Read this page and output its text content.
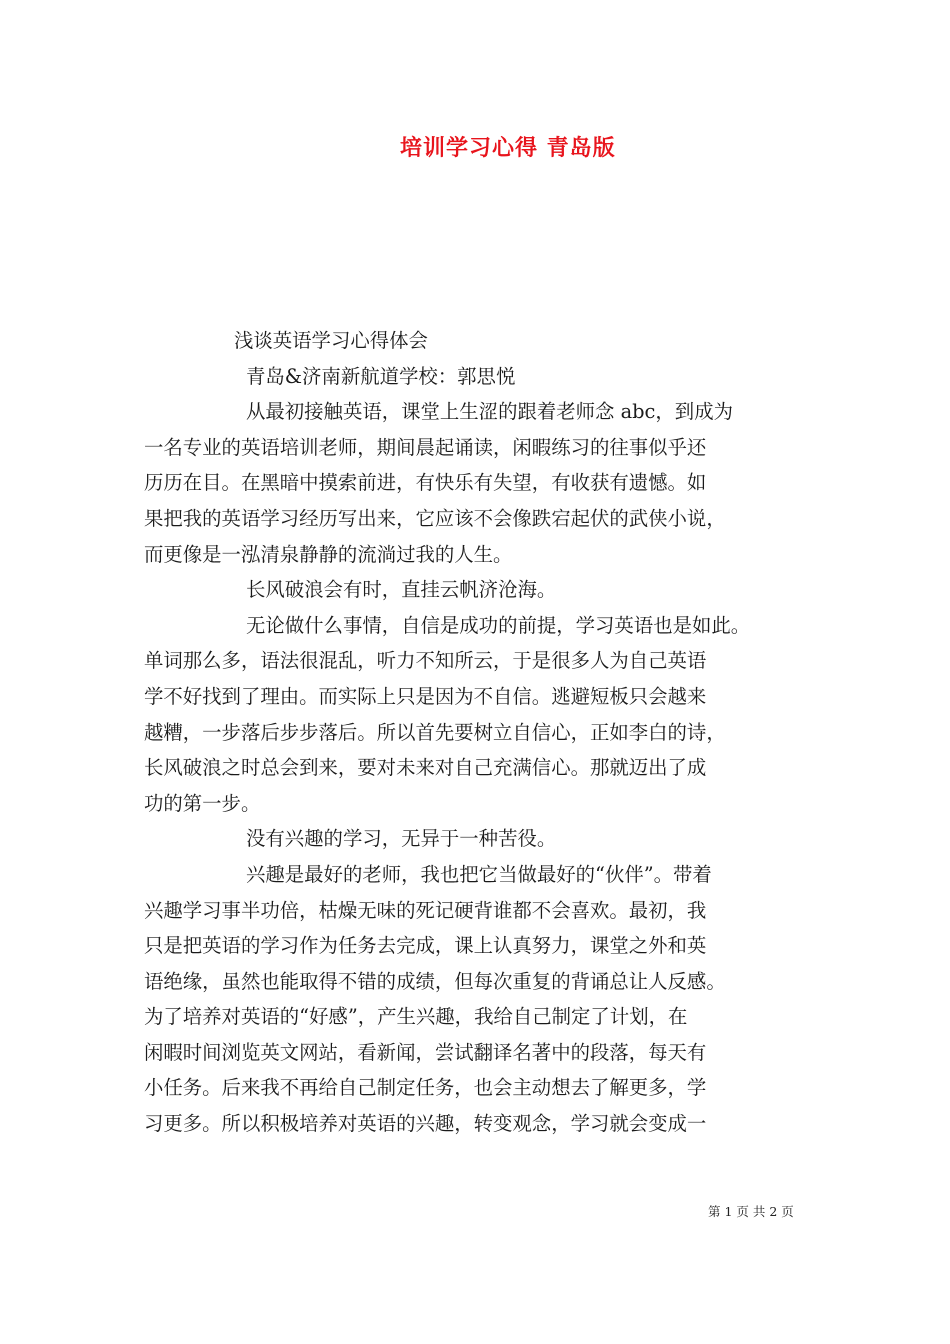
培训学习心得 青岛版
浅谈英语学习心得体会
青岛&济南新航道学校：郭思悦
从最初接触英语，课堂上生涩的跟着老师念 abc，到成为
一名专业的英语培训老师，期间晨起诵读，闲暇练习的往事似乎还
历历在目。在黑暗中摸索前进，有快乐有失望，有收获有遗憾。如
果把我的英语学习经历写出来，它应该不会像跌宕起伏的武侠小说，
而更像是一泓清泉静静的流淌过我的人生。
长风破浪会有时，直挂云帆济沧海。
无论做什么事情，自信是成功的前提，学习英语也是如此。
单词那么多，语法很混乱，听力不知所云，于是很多人为自己英语
学不好找到了理由。而实际上只是因为不自信。逃避短板只会越来
越糟，一步落后步步落后。所以首先要树立自信心，正如李白的诗，
长风破浪之时总会到来，要对未来对自己充满信心。那就迈出了成
功的第一步。
没有兴趣的学习，无异于一种苦役。
兴趣是最好的老师，我也把它当做最好的“伙伴”。带着
兴趣学习事半功倍，枯燥无味的死记硬背谁都不会喜欢。最初，我
只是把英语的学习作为任务去完成，课上认真努力，课堂之外和英
语绝缘，虽然也能取得不错的成绩，但每次重复的背诵总让人反感。
为了培养对英语的“好感”，产生兴趣，我给自己制定了计划，在
闲暇时间浏览英文网站，看新闻，尝试翻译名著中的段落，每天有
小任务。后来我不再给自己制定任务，也会主动想去了解更多，学
习更多。所以积极培养对英语的兴趣，转变观念，学习就会变成一
第 1 页 共 2 页
